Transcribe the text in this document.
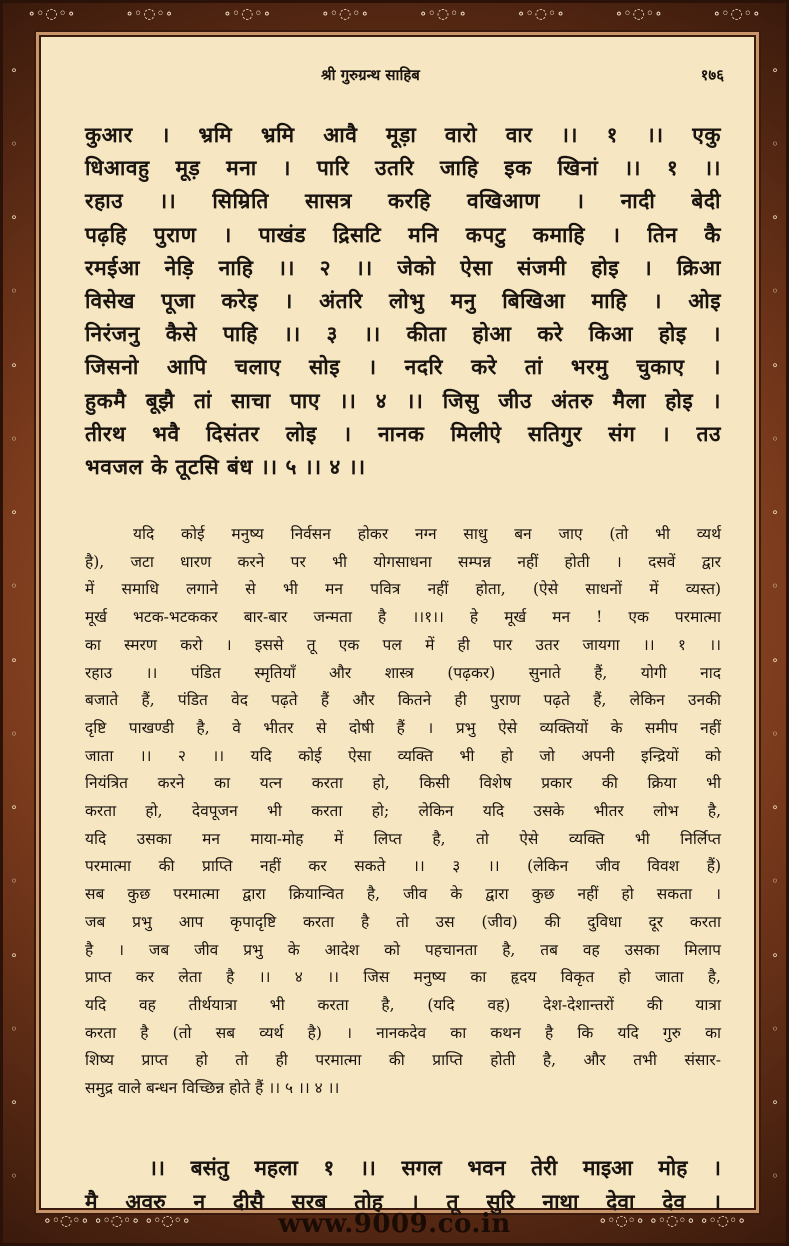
∘◦◌◦∘	∘◦◌◦∘	∘◦◌◦∘	∘◦◌◦∘	∘◦◌◦∘	∘◦◌◦∘	∘◦◌◦∘	∘◦◌◦∘
∘
◦
∘
◦
∘
◦
∘
◦
∘
◦
∘
◦
∘
◦
∘
◦
∘
◦
∘
◦
∘
◦
∘
◦
∘
◦
∘
◦
∘
◦
∘
◦
श्री गुरुग्रन्थ साहिब	१७६
कुआर । भ्रमि भ्रमि आवै मूड़ा वारो वार ।। १ ।। एकु
धिआवहु मूड़ मना । पारि उतरि जाहि इक खिनां ।। १ ।।
रहाउ ।। सिम्रिति सासत्र करहि वखिआण । नादी बेदी
पढ़हि पुराण । पाखंड द्रिसटि मनि कपटु कमाहि । तिन कै
रमईआ नेड़ि नाहि ।। २ ।। जेको ऐसा संजमी होइ । क्रिआ
विसेख पूजा करेइ । अंतरि लोभु मनु बिखिआ माहि । ओइ
निरंजनु कैसे पाहि ।। ३ ।। कीता होआ करे किआ होइ ।
जिसनो आपि चलाए सोइ । नदरि करे तां भरमु चुकाए ।
हुकमै बूझै तां साचा पाए ।। ४ ।। जिसु जीउ अंतरु मैला होइ ।
तीरथ भवै दिसंतर लोइ । नानक मिलीऐ सतिगुर संग । तउ
भवजल के तूटसि बंध ।। ५ ।। ४ ।।
यदि कोई मनुष्य निर्वसन होकर नग्न साधु बन जाए (तो भी व्यर्थ
है), जटा धारण करने पर भी योगसाधना सम्पन्न नहीं होती । दसवें द्वार
में समाधि लगाने से भी मन पवित्र नहीं होता, (ऐसे साधनों में व्यस्त)
मूर्ख भटक-भटककर बार-बार जन्मता है ।।१।। हे मूर्ख मन ! एक परमात्मा
का स्मरण करो । इससे तू एक पल में ही पार उतर जायगा ।। १ ।।
रहाउ ।। पंडित स्मृतियाँ और शास्त्र (पढ़कर) सुनाते हैं, योगी नाद
बजाते हैं, पंडित वेद पढ़ते हैं और कितने ही पुराण पढ़ते हैं, लेकिन उनकी
दृष्टि पाखण्डी है, वे भीतर से दोषी हैं । प्रभु ऐसे व्यक्तियों के समीप नहीं
जाता ।। २ ।। यदि कोई ऐसा व्यक्ति भी हो जो अपनी इन्द्रियों को
नियंत्रित करने का यत्न करता हो, किसी विशेष प्रकार की क्रिया भी
करता हो, देवपूजन भी करता हो; लेकिन यदि उसके भीतर लोभ है,
यदि उसका मन माया-मोह में लिप्त है, तो ऐसे व्यक्ति भी निर्लिप्त
परमात्मा की प्राप्ति नहीं कर सकते ।। ३ ।। (लेकिन जीव विवश हैं)
सब कुछ परमात्मा द्वारा क्रियान्वित है, जीव के द्वारा कुछ नहीं हो सकता ।
जब प्रभु आप कृपादृष्टि करता है तो उस (जीव) की दुविधा दूर करता
है । जब जीव प्रभु के आदेश को पहचानता है, तब वह उसका मिलाप
प्राप्त कर लेता है ।। ४ ।। जिस मनुष्य का हृदय विकृत हो जाता है,
यदि वह तीर्थयात्रा भी करता है, (यदि वह) देश-देशान्तरों की यात्रा
करता है (तो सब व्यर्थ है) । नानकदेव का कथन है कि यदि गुरु का
शिष्य प्राप्त हो तो ही परमात्मा की प्राप्ति होती है, और तभी संसार-
समुद्र वाले बन्धन विच्छिन्न होते हैं ।। ५ ।। ४ ।।
।। बसंतु महला १ ।। सगल भवन तेरी माइआ मोह ।
मै अवरु न दीसै सरब तोह । तू सुरि नाथा देवा देव ।
∘◦◌◦∘ ∘◦◌◦∘ ∘◦◌◦∘	∘◦◌◦∘ ∘◦◌◦∘ ∘◦◌◦∘
www.9009.co.in
